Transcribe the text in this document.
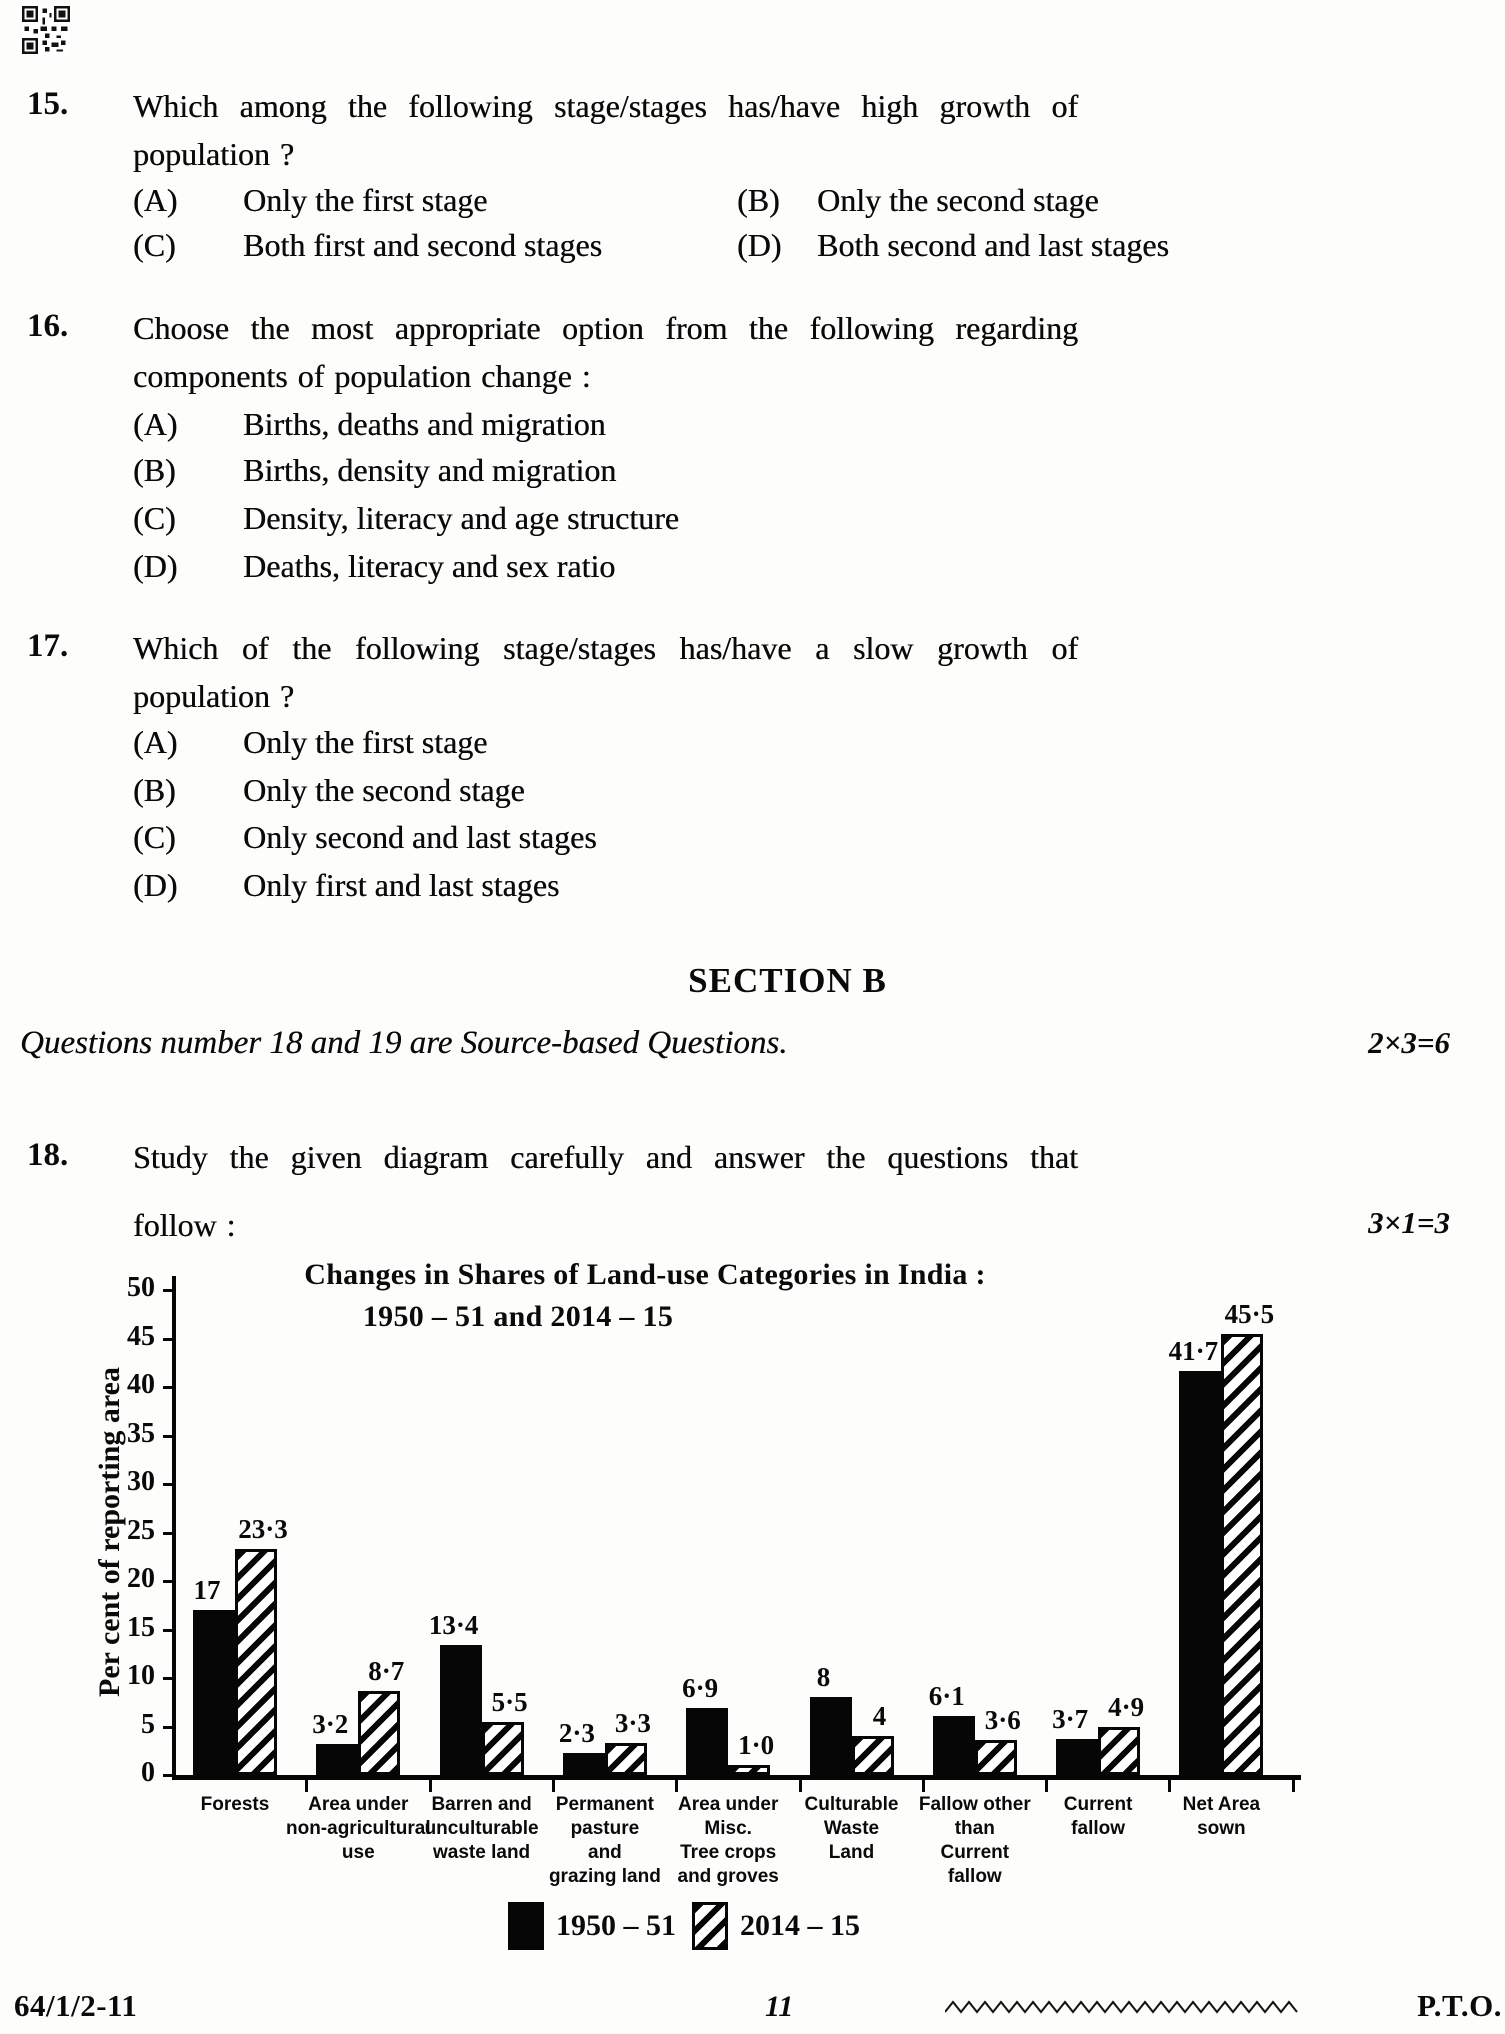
15. Which among the following stage/stages has/have high growth of
population ?
(A) Only the first stage	(B) Only the second stage
(C) Both first and second stages	(D) Both second and last stages
16. Choose the most appropriate option from the following regarding
components of population change :
(A) Births, deaths and migration
(B) Births, density and migration
(C) Density, literacy and age structure
(D) Deaths, literacy and sex ratio
17. Which of the following stage/stages has/have a slow growth of
population ?
(A) Only the first stage
(B) Only the second stage
(C) Only second and last stages
(D) Only first and last stages
SECTION B
Questions number 18 and 19 are Source-based Questions.	2×3=6
18. Study the given diagram carefully and answer the questions that
follow :	3×1=3
Changes in Shares of Land-use Categories in India :
1950 – 51 and 2014 – 15
Per cent of reporting area
0
5
10
15
20
25
30
35
40
45
50
17
3·2
13·4
2·3
6·9	8
6·1
3·7
41·7
23·3
8·7
5·5
3·3
1·0
4	3·6	4·9
45·5
Forests	Area under
non-agricultural
use
Barren and
unculturable
waste land
Permanent
pasture
and
grazing land
Area under
Misc.
Tree crops
and groves
Culturable
Waste
Land
Fallow other
than
Current
fallow
Current
fallow
Net Area
sown
1950 – 51 2014 – 15
64/1/2-11	11	P.T.O.
